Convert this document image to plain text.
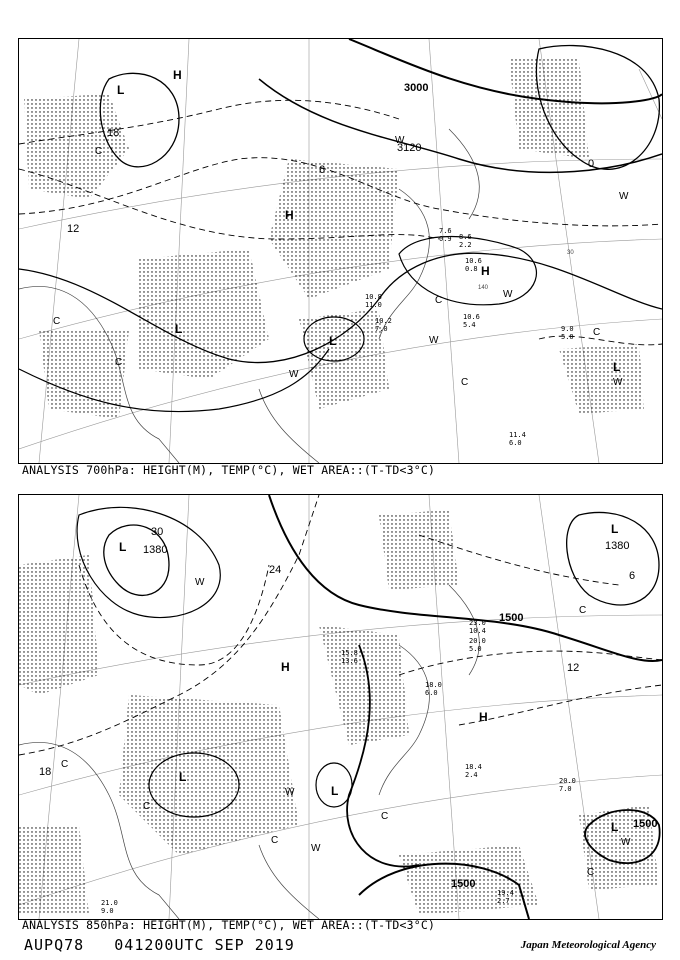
3000
3120
140
30
0
6
12
18
L
H
H
H
L
L
L
C
C
C
C
C
C
W
W
W
W
W
W
10.6
0.8
7.6
0.9 8.6
2.2
10.6
5.4	9.0
5.0
11.4
6.0
10.2
7.0
10.8
11.0
ANALYSIS 700hPa: HEIGHT(M), TEMP(°C), WET AREA::(T-TD<3°C)
1380
1500
1500
1380
1500
30
24
18
12
6
L
H
H
L
L
L
L
C
C
C
C
C
C
W
W
W
W
18.4
2.4
20.0
7.0
19.4
2.7
18.0
6.0
21.0
9.0
20.0
5.0
23.0
10.4
15.8
13.6
ANALYSIS 850hPa: HEIGHT(M), TEMP(°C), WET AREA::(T-TD<3°C)
AUPQ78 041200UTC SEP 2019	Japan Meteorological Agency
